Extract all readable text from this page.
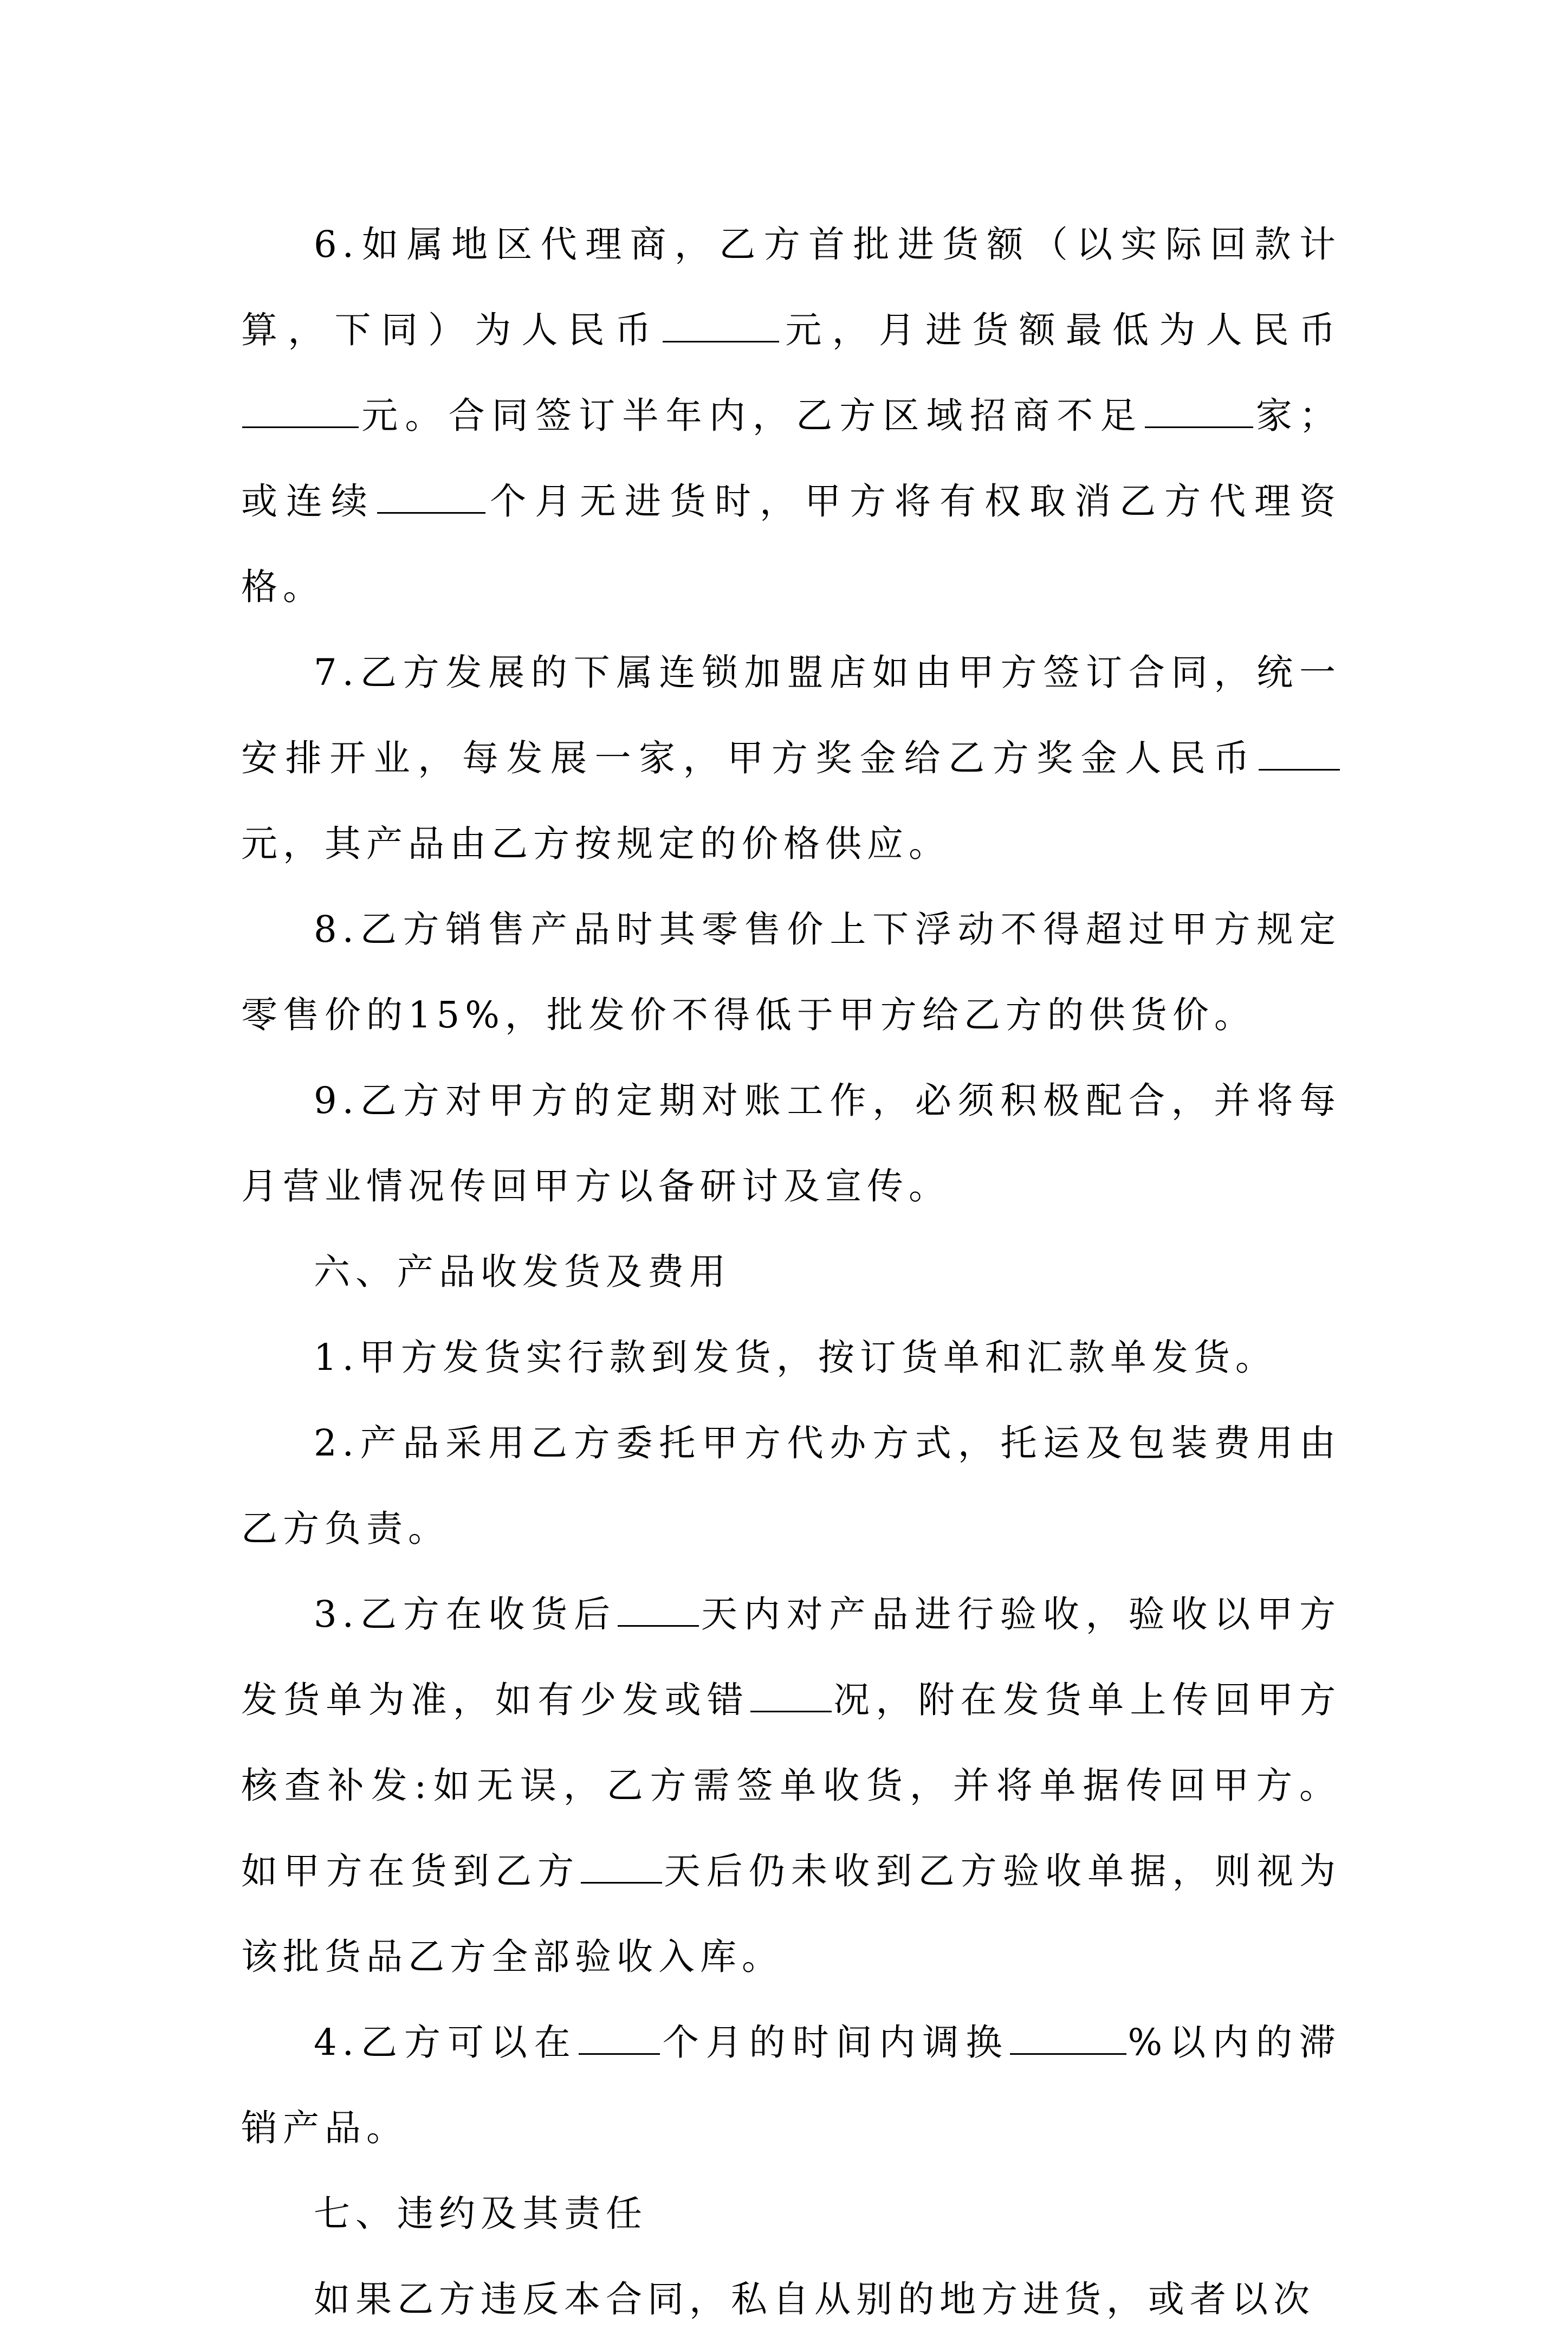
6.如属地区代理商，乙方首批进货额（以实际回款计算，下同）为人民币	元，月进货额最低为人民币元。合同签订半年内，乙方区域招商不足	家；或连续	个月无进货时，甲方将有权取消乙方代理资格。

7.乙方发展的下属连锁加盟店如由甲方签订合同，统一安排开业，每发展一家，甲方奖金给乙方奖金人民币元，其产品由乙方按规定的价格供应。

8.乙方销售产品时其零售价上下浮动不得超过甲方规定零售价的15%，批发价不得低于甲方给乙方的供货价。

9.乙方对甲方的定期对账工作，必须积极配合，并将每月营业情况传回甲方以备研讨及宣传。

六、产品收发货及费用

1.甲方发货实行款到发货，按订货单和汇款单发货。

2.产品采用乙方委托甲方代办方式，托运及包装费用由乙方负责。

3.乙方在收货后 天内对产品进行验收，验收以甲方发货单为准，如有少发或错 况，附在发货单上传回甲方核查补发:如无误，乙方需签单收货，并将单据传回甲方。如甲方在货到乙方 天后仍未收到乙方验收单据，则视为该批货品乙方全部验收入库。

4.乙方可以在 个月的时间内调换	%以内的滞销产品。

七、违约及其责任

如果乙方违反本合同，私自从别的地方进货，或者以次
